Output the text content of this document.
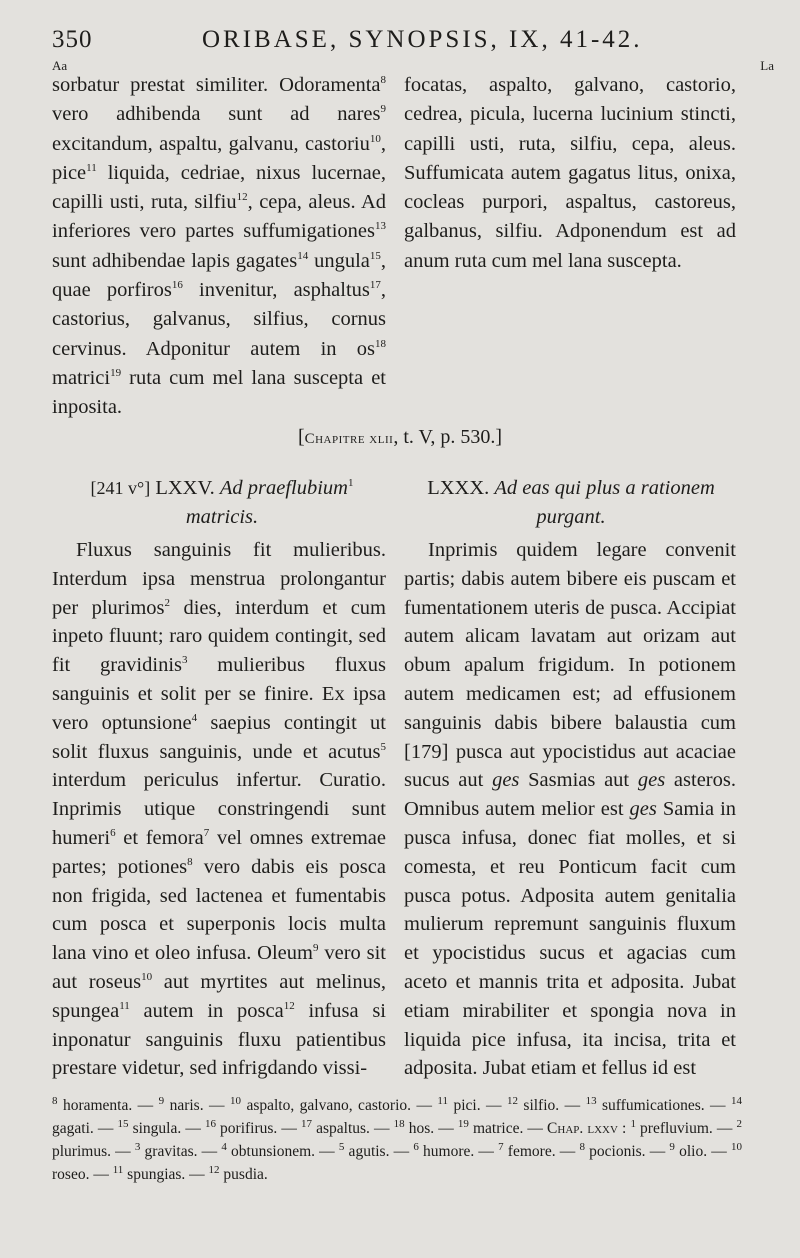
350	ORIBASE, SYNOPSIS, IX, 41-42.
Aa	La

sorbatur prestat similiter. Odoramenta$^8$ vero adhibenda sunt ad nares$^9$ excitandum, aspaltu, galvanu, castoriu$^{10}$, pice$^{11}$ liquida, cedriae, nixus lucernae, capilli usti, ruta, silfiu$^{12}$, cepa, aleus. Ad inferiores vero partes suffumigationes$^{13}$ sunt adhibendae lapis gagates$^{14}$ ungula$^{15}$, quae porfiros$^{16}$ invenitur, asphaltus$^{17}$, castorius, galvanus, silfius, cornus cervinus. Adponitur autem in os$^{18}$ matrici$^{19}$ ruta cum mel lana suscepta et inposita.

focatas, aspalto, galvano, castorio, cedrea, picula, lucerna lucinium stincti, capilli usti, ruta, silfiu, cepa, aleus. Suffumicata autem gagatus litus, onixa, cocleas purpori, aspaltus, castoreus, galbanus, silfiu. Adponendum est ad anum ruta cum mel lana suscepta.

[Chapitre xlii, t. V, p. 530.]
[241 v°] LXXV. Ad praeflubium$^1$
matricis.
LXXX. Ad eas qui plus a rationem purgant.

Fluxus sanguinis fit mulieribus. Interdum ipsa menstrua prolongantur per plurimos$^2$ dies, interdum et cum inpeto fluunt; raro quidem contingit, sed fit gravidinis$^3$ mulieribus fluxus sanguinis et solit per se finire. Ex ipsa vero optunsione$^4$ saepius contingit ut solit fluxus sanguinis, unde et acutus$^5$ interdum periculus infertur. Curatio. Inprimis utique constringendi sunt humeri$^6$ et femora$^7$ vel omnes extremae partes; potiones$^8$ vero dabis eis posca non frigida, sed lactenea et fumentabis cum posca et superponis locis multa lana vino et oleo infusa. Oleum$^9$ vero sit aut roseus$^{10}$ aut myrtites aut melinus, spungea$^{11}$ autem in posca$^{12}$ infusa si inponatur sanguinis fluxu patientibus prestare videtur, sed infrigdando vissi-

Inprimis quidem legare convenit partis; dabis autem bibere eis puscam et fumentationem uteris de pusca. Accipiat autem alicam lavatam aut orizam aut obum apalum frigidum. In potionem autem medicamen est; ad effusionem sanguinis dabis bibere balaustia cum [179] pusca aut ypocistidus aut acaciae sucus aut ges Sasmias aut ges asteros. Omnibus autem melior est ges Samia in pusca infusa, donec fiat molles, et si comesta, et reu Ponticum facit cum pusca potus. Adposita autem genitalia mulierum repremunt sanguinis fluxum et ypocistidus sucus et agacias cum aceto et mannis trita et adposita. Jubat etiam mirabiliter et spongia nova in liquida pice infusa, ita incisa, trita et adposita. Jubat etiam et fellus id est

$^8$ horamenta. — $^9$ naris. — $^{10}$ aspalto, galvano, castorio. — $^{11}$ pici. — $^{12}$ silfio. — $^{13}$ suffumicationes. — $^{14}$ gagati. — $^{15}$ singula. — $^{16}$ porifirus. — $^{17}$ aspaltus. — $^{18}$ hos. — $^{19}$ matrice. — Chap. lxxv : $^1$ prefluvium. — $^2$ plurimus. — $^3$ gravitas. — $^4$ obtunsionem. — $^5$ agutis. — $^6$ humore. — $^7$ femore. — $^8$ pocionis. — $^9$ olio. — $^{10}$ roseo. — $^{11}$ spungias. — $^{12}$ pusdia.
